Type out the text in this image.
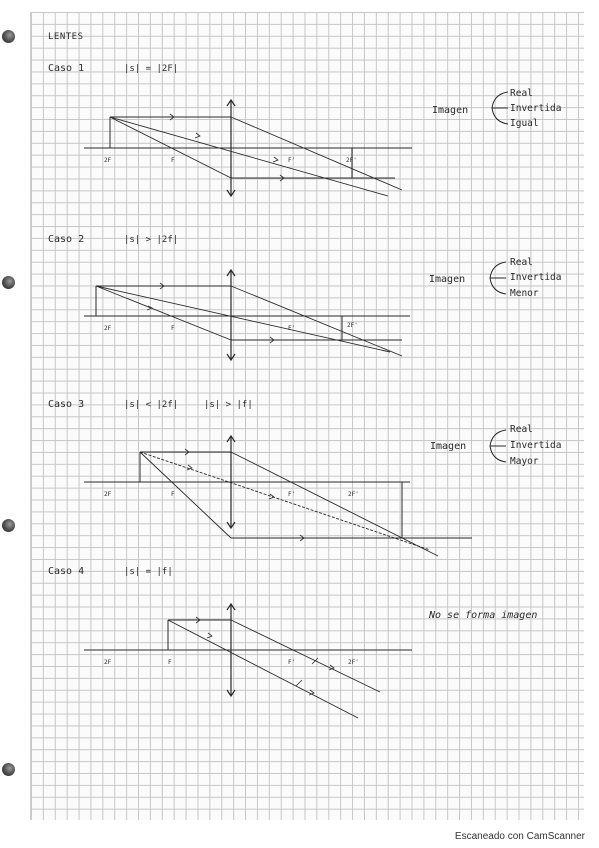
LENTES
Caso 1	|s| = |2F|
Imagen
Real
Invertida
Igual
2F	F	F'	2F'
Caso 2	|s| > |2f|
Imagen
Real
Invertida
Menor
2F	F	F'	2F'
Caso 3	|s| < |2f|	|s| > |f|
Imagen
Real
Invertida
Mayor
2F	F	F'	2F'
Caso 4	|s| = |f|
No se forma imagen
2F	F	F'	2F'
Escaneado con CamScanner
